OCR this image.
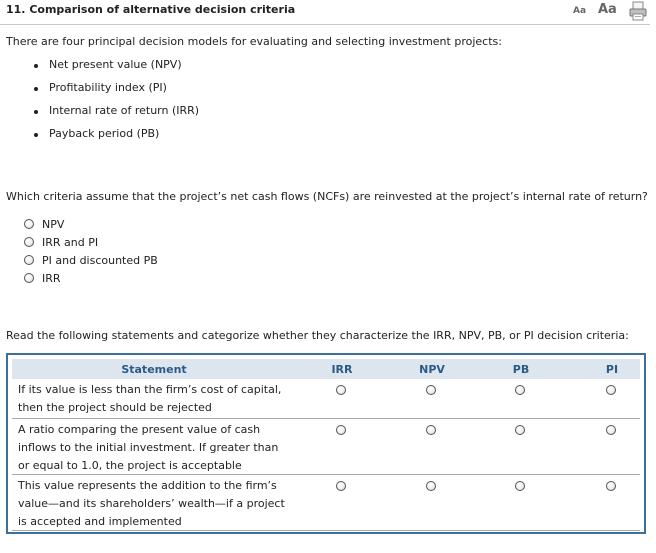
11. Comparison of alternative decision criteria	Aa Aa
There are four principal decision models for evaluating and selecting investment projects:
Net present value (NPV)
Profitability index (PI)
Internal rate of return (IRR)
Payback period (PB)
Which criteria assume that the project’s net cash flows (NCFs) are reinvested at the project’s internal rate of return?
NPV
IRR and PI
PI and discounted PB
IRR
Read the following statements and categorize whether they characterize the IRR, NPV, PB, or PI decision criteria:
Statement	IRR	NPV	PB	PI
If its value is less than the firm’s cost of capital,
then the project should be rejected
A ratio comparing the present value of cash
inflows to the initial investment. If greater than
or equal to 1.0, the project is acceptable
This value represents the addition to the firm’s
value—and its shareholders’ wealth—if a project
is accepted and implemented
